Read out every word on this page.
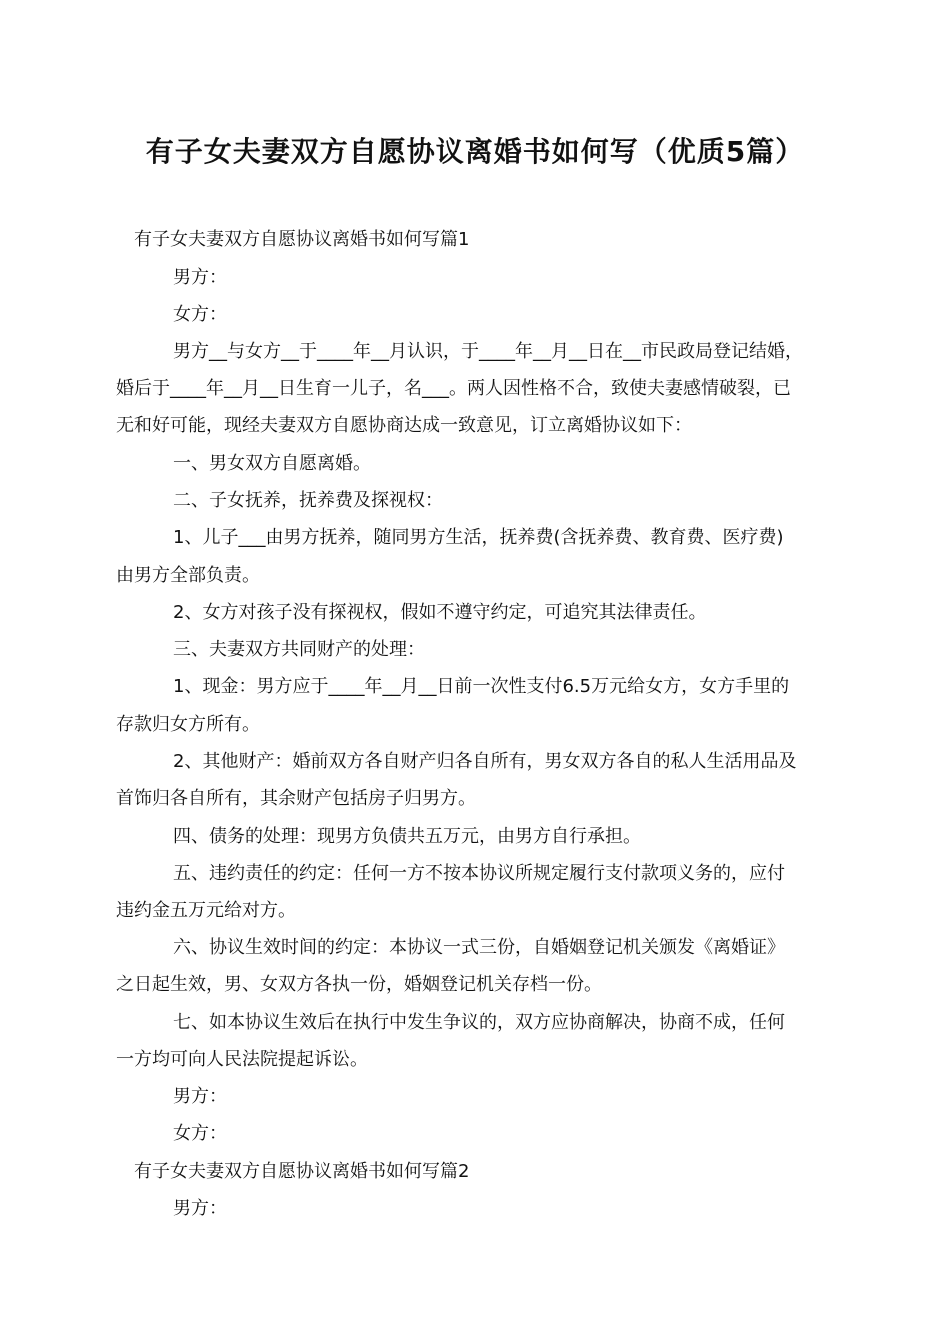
有子女夫妻双方自愿协议离婚书如何写（优质5篇）
有子女夫妻双方自愿协议离婚书如何写篇1
男方：
女方：
男方__与女方__于____年__月认识，于____年__月__日在__市民政局登记结婚，
婚后于____年__月__日生育一儿子，名___。两人因性格不合，致使夫妻感情破裂，已
无和好可能，现经夫妻双方自愿协商达成一致意见，订立离婚协议如下：
一、男女双方自愿离婚。
二、子女抚养，抚养费及探视权：
1、儿子___由男方抚养，随同男方生活，抚养费(含抚养费、教育费、医疗费)
由男方全部负责。
2、女方对孩子没有探视权，假如不遵守约定，可追究其法律责任。
三、夫妻双方共同财产的处理：
1、现金：男方应于____年__月__日前一次性支付6.5万元给女方，女方手里的
存款归女方所有。
2、其他财产：婚前双方各自财产归各自所有，男女双方各自的私人生活用品及
首饰归各自所有，其余财产包括房子归男方。
四、债务的处理：现男方负债共五万元，由男方自行承担。
五、违约责任的约定：任何一方不按本协议所规定履行支付款项义务的，应付
违约金五万元给对方。
六、协议生效时间的约定：本协议一式三份，自婚姻登记机关颁发《离婚证》
之日起生效，男、女双方各执一份，婚姻登记机关存档一份。
七、如本协议生效后在执行中发生争议的，双方应协商解决，协商不成，任何
一方均可向人民法院提起诉讼。
男方：
女方：
有子女夫妻双方自愿协议离婚书如何写篇2
男方：
